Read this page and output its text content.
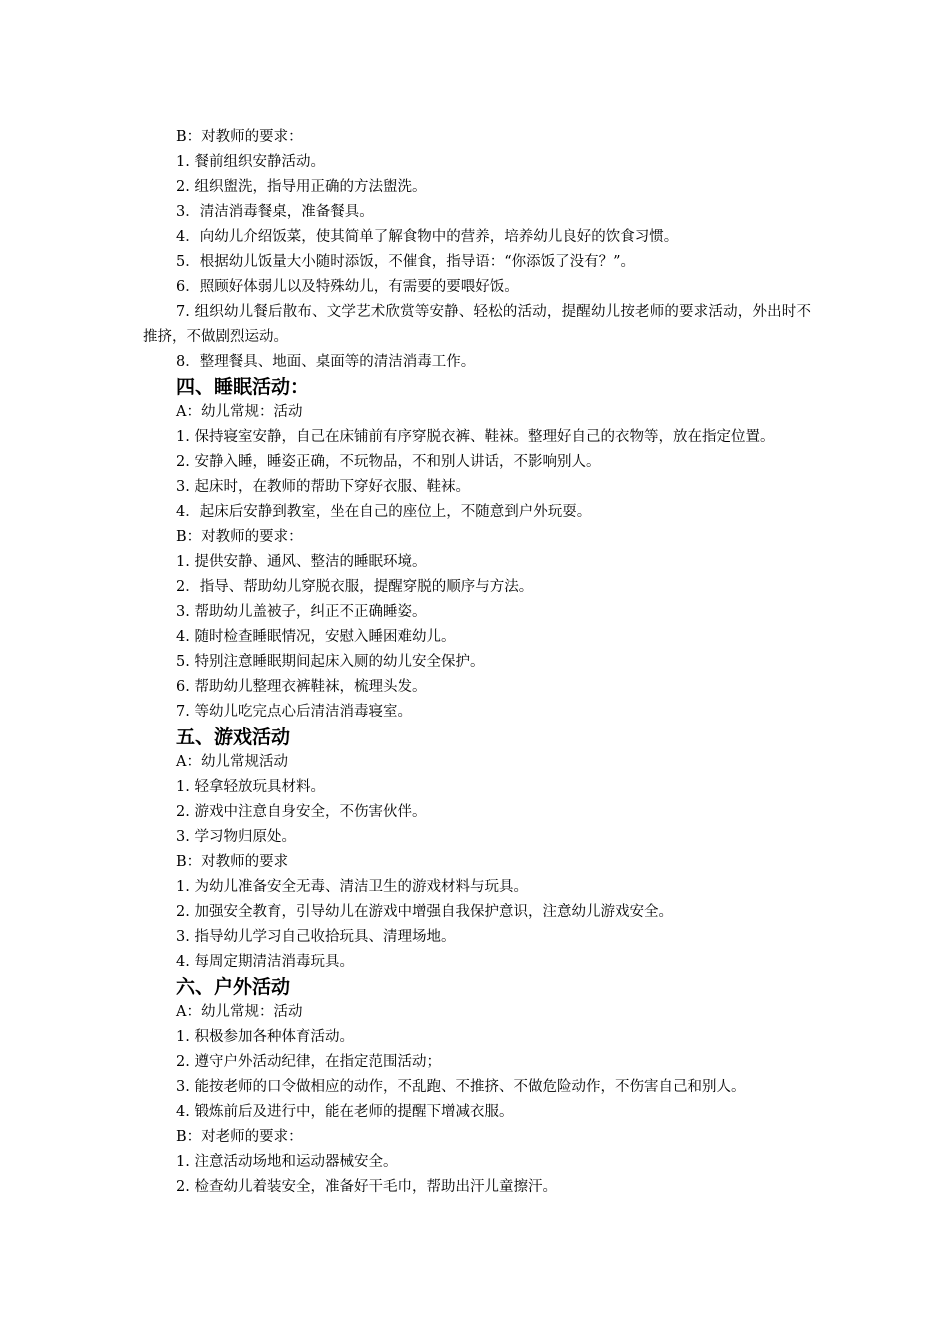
B：对教师的要求：
1. 餐前组织安静活动。
2. 组织盥洗，指导用正确的方法盥洗。
3．清洁消毒餐桌，准备餐具。
4．向幼儿介绍饭菜，使其简单了解食物中的营养，培养幼儿良好的饮食习惯。
5．根据幼儿饭量大小随时添饭，不催食，指导语：“你添饭了没有？”。
6．照顾好体弱儿以及特殊幼儿，有需要的要喂好饭。
7. 组织幼儿餐后散布、文学艺术欣赏等安静、轻松的活动，提醒幼儿按老师的要求活动，外出时不推挤，不做剧烈运动。
8．整理餐具、地面、桌面等的清洁消毒工作。
四、睡眠活动：
A：幼儿常规：活动
1. 保持寝室安静，自己在床铺前有序穿脱衣裤、鞋袜。整理好自己的衣物等，放在指定位置。
2. 安静入睡，睡姿正确，不玩物品，不和别人讲话，不影响别人。
3. 起床时，在教师的帮助下穿好衣服、鞋袜。
4．起床后安静到教室，坐在自己的座位上，不随意到户外玩耍。
B：对教师的要求：
1. 提供安静、通风、整洁的睡眠环境。
2．指导、帮助幼儿穿脱衣服，提醒穿脱的顺序与方法。
3. 帮助幼儿盖被子，纠正不正确睡姿。
4. 随时检查睡眠情况，安慰入睡困难幼儿。
5. 特别注意睡眠期间起床入厕的幼儿安全保护。
6. 帮助幼儿整理衣裤鞋袜，梳理头发。
7. 等幼儿吃完点心后清洁消毒寝室。
五、游戏活动
A：幼儿常规活动
1. 轻拿轻放玩具材料。
2. 游戏中注意自身安全，不伤害伙伴。
3. 学习物归原处。
B：对教师的要求
1. 为幼儿准备安全无毒、清洁卫生的游戏材料与玩具。
2. 加强安全教育，引导幼儿在游戏中增强自我保护意识，注意幼儿游戏安全。
3. 指导幼儿学习自己收拾玩具、清理场地。
4. 每周定期清洁消毒玩具。
六、户外活动
A：幼儿常规：活动
1. 积极参加各种体育活动。
2. 遵守户外活动纪律，在指定范围活动；
3. 能按老师的口令做相应的动作，不乱跑、不推挤、不做危险动作，不伤害自己和别人。
4. 锻炼前后及进行中，能在老师的提醒下增减衣服。
B：对老师的要求：
1. 注意活动场地和运动器械安全。
2. 检查幼儿着装安全，准备好干毛巾，帮助出汗儿童擦汗。
